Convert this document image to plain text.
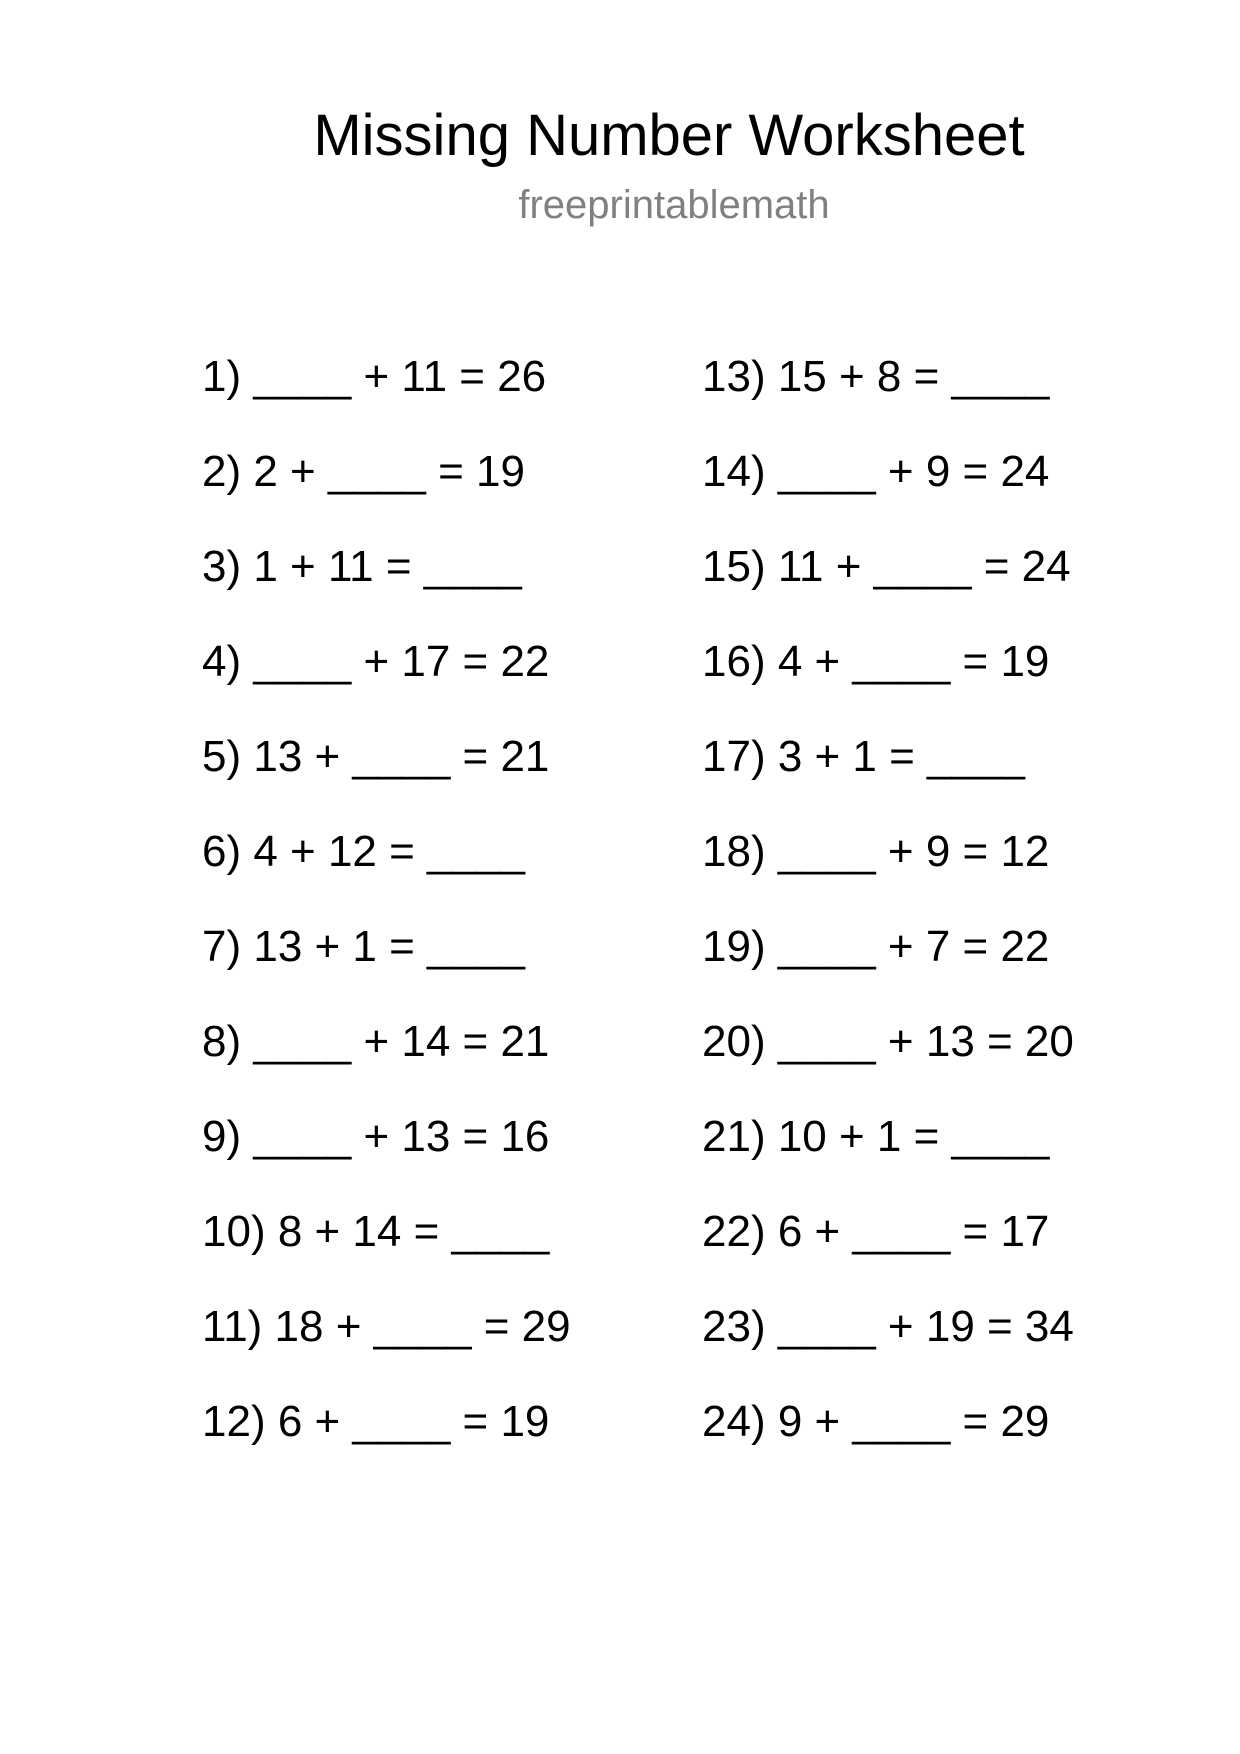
Missing Number Worksheet
freeprintablemath
1) ____ + 11 = 26
2) 2 + ____ = 19
3) 1 + 11 = ____
4) ____ + 17 = 22
5) 13 + ____ = 21
6) 4 + 12 = ____
7) 13 + 1 = ____
8) ____ + 14 = 21
9) ____ + 13 = 16
10) 8 + 14 = ____
11) 18 + ____ = 29
12) 6 + ____ = 19
13) 15 + 8 = ____
14) ____ + 9 = 24
15) 11 + ____ = 24
16) 4 + ____ = 19
17) 3 + 1 = ____
18) ____ + 9 = 12
19) ____ + 7 = 22
20) ____ + 13 = 20
21) 10 + 1 = ____
22) 6 + ____ = 17
23) ____ + 19 = 34
24) 9 + ____ = 29
